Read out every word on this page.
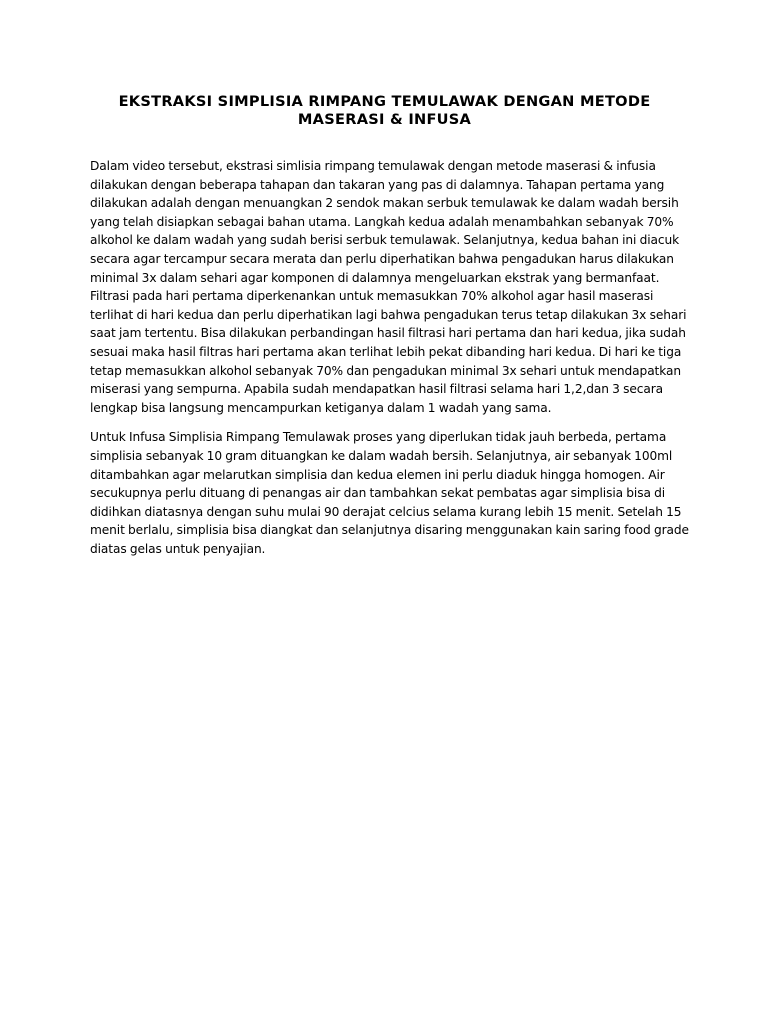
EKSTRAKSI SIMPLISIA RIMPANG TEMULAWAK DENGAN METODE MASERASI & INFUSA

Dalam video tersebut, ekstrasi simlisia rimpang temulawak dengan metode maserasi & infusia dilakukan dengan beberapa tahapan dan takaran yang pas di dalamnya. Tahapan pertama yang dilakukan adalah dengan menuangkan 2 sendok makan serbuk temulawak ke dalam wadah bersih yang telah disiapkan sebagai bahan utama. Langkah kedua adalah menambahkan sebanyak 70% alkohol ke dalam wadah yang sudah berisi serbuk temulawak. Selanjutnya, kedua bahan ini diacuk secara agar tercampur secara merata dan perlu diperhatikan bahwa pengadukan harus dilakukan minimal 3x dalam sehari agar komponen di dalamnya mengeluarkan ekstrak yang bermanfaat. Filtrasi pada hari pertama diperkenankan untuk memasukkan 70% alkohol agar hasil maserasi terlihat di hari kedua dan perlu diperhatikan lagi bahwa pengadukan terus tetap dilakukan 3x sehari saat jam tertentu. Bisa dilakukan perbandingan hasil filtrasi hari pertama dan hari kedua, jika sudah sesuai maka hasil filtras hari pertama akan terlihat lebih pekat dibanding hari kedua. Di hari ke tiga tetap memasukkan alkohol sebanyak 70% dan pengadukan minimal 3x sehari untuk mendapatkan miserasi yang sempurna. Apabila sudah mendapatkan hasil filtrasi selama hari 1,2,dan 3 secara lengkap bisa langsung mencampurkan ketiganya dalam 1 wadah yang sama.

Untuk Infusa Simplisia Rimpang Temulawak proses yang diperlukan tidak jauh berbeda, pertama simplisia sebanyak 10 gram dituangkan ke dalam wadah bersih. Selanjutnya, air sebanyak 100ml ditambahkan agar melarutkan simplisia dan kedua elemen ini perlu diaduk hingga homogen. Air secukupnya perlu dituang di penangas air dan tambahkan sekat pembatas agar simplisia bisa di didihkan diatasnya dengan suhu mulai 90 derajat celcius selama kurang lebih 15 menit. Setelah 15 menit berlalu, simplisia bisa diangkat dan selanjutnya disaring menggunakan kain saring food grade diatas gelas untuk penyajian.
